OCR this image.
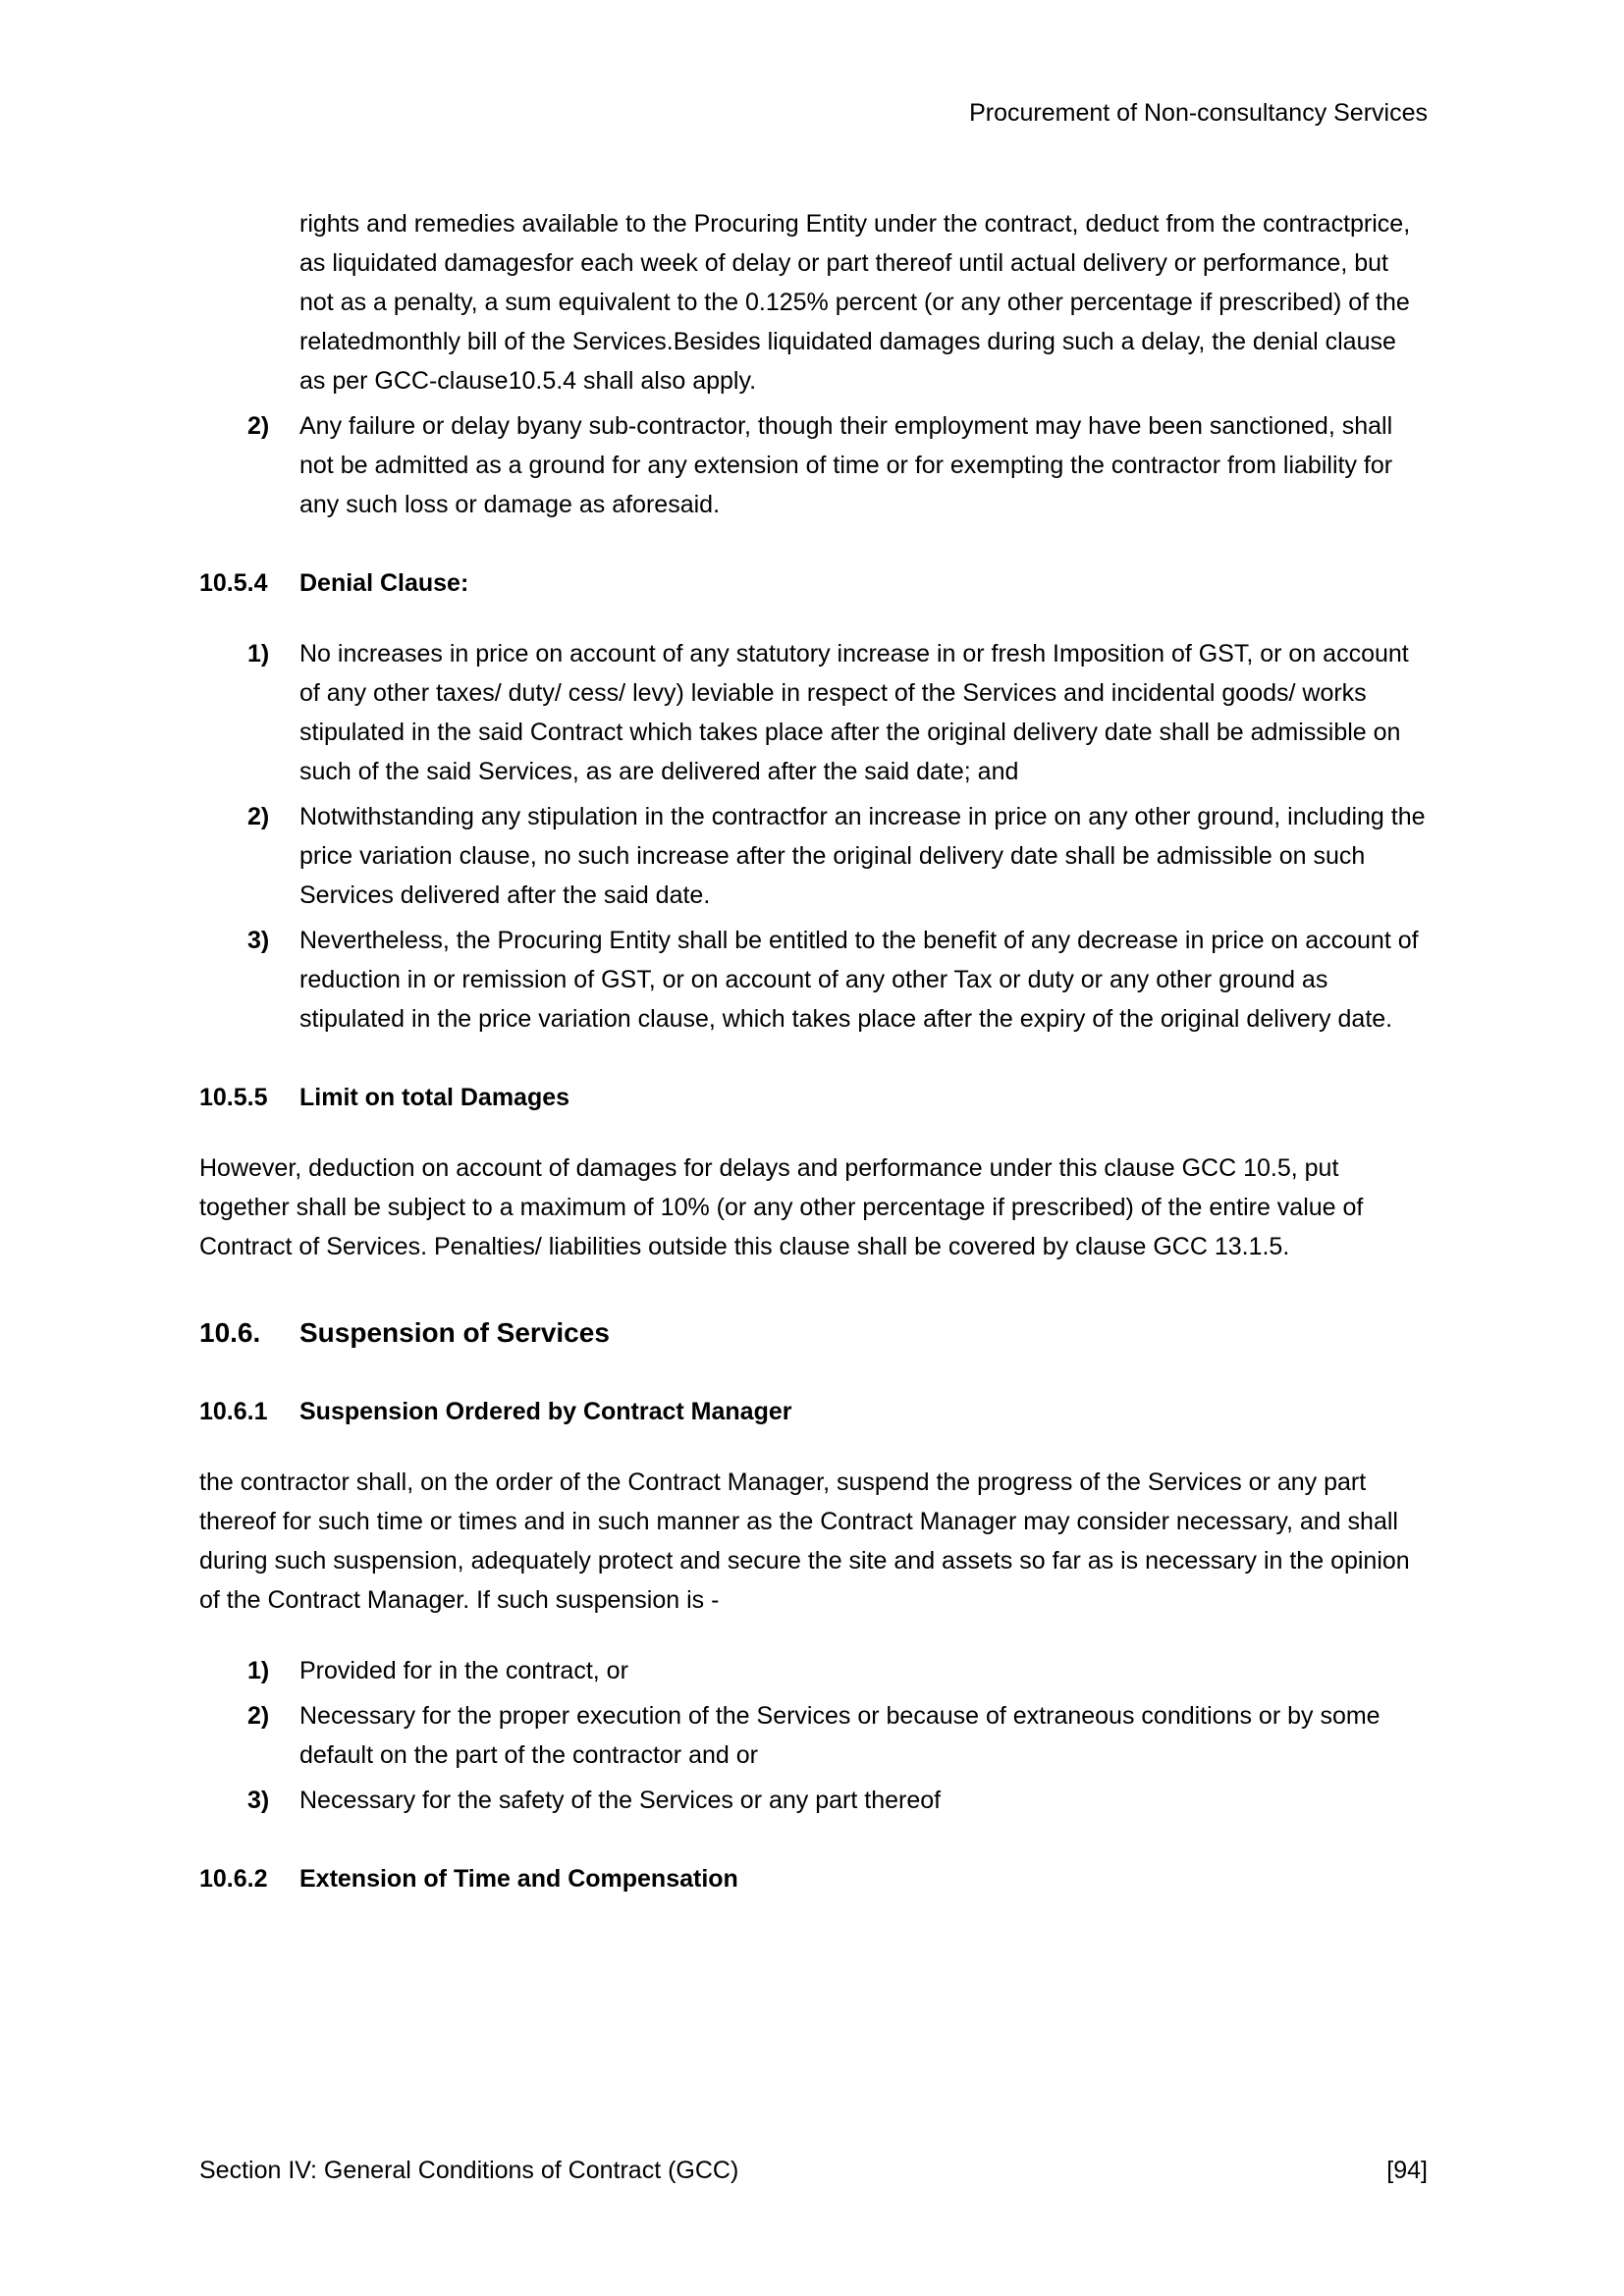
Procurement of Non-consultancy Services
rights and remedies available to the Procuring Entity under the contract, deduct from the contractprice, as liquidated damagesfor each week of delay or part thereof until actual delivery or performance, but not as a penalty, a sum equivalent to the 0.125% percent (or any other percentage if prescribed) of the relatedmonthly bill of the Services.Besides liquidated damages during such a delay, the denial clause as per GCC-clause10.5.4 shall also apply.
2)	Any failure or delay byany sub-contractor, though their employment may have been sanctioned, shall not be admitted as a ground for any extension of time or for exempting the contractor from liability for any such loss or damage as aforesaid.
10.5.4	Denial Clause:
1)	No increases in price on account of any statutory increase in or fresh Imposition of GST, or on account of any other taxes/ duty/ cess/ levy) leviable in respect of the Services and incidental goods/ works stipulated in the said Contract which takes place after the original delivery date shall be admissible on such of the said Services, as are delivered after the said date; and
2)	Notwithstanding any stipulation in the contractfor an increase in price on any other ground, including the price variation clause, no such increase after the original delivery date shall be admissible on such Services delivered after the said date.
3)	Nevertheless, the Procuring Entity shall be entitled to the benefit of any decrease in price on account of reduction in or remission of GST, or on account of any other Tax or duty or any other ground as stipulated in the price variation clause, which takes place after the expiry of the original delivery date.
10.5.5	Limit on total Damages
However, deduction on account of damages for delays and performance under this clause GCC 10.5, put together shall be subject to a maximum of 10% (or any other percentage if prescribed) of the entire value of Contract of Services. Penalties/ liabilities outside this clause shall be covered by clause GCC 13.1.5.
10.6.	Suspension of Services
10.6.1	Suspension Ordered by Contract Manager
the contractor shall, on the order of the Contract Manager, suspend the progress of the Services or any part thereof for such time or times and in such manner as the Contract Manager may consider necessary, and shall during such suspension, adequately protect and secure the site and assets so far as is necessary in the opinion of the Contract Manager. If such suspension is -
1)	Provided for in the contract, or
2)	Necessary for the proper execution of the Services or because of extraneous conditions or by some default on the part of the contractor and or
3)	Necessary for the safety of the Services or any part thereof
10.6.2	Extension of Time and Compensation
Section IV: General Conditions of Contract (GCC)	[94]
